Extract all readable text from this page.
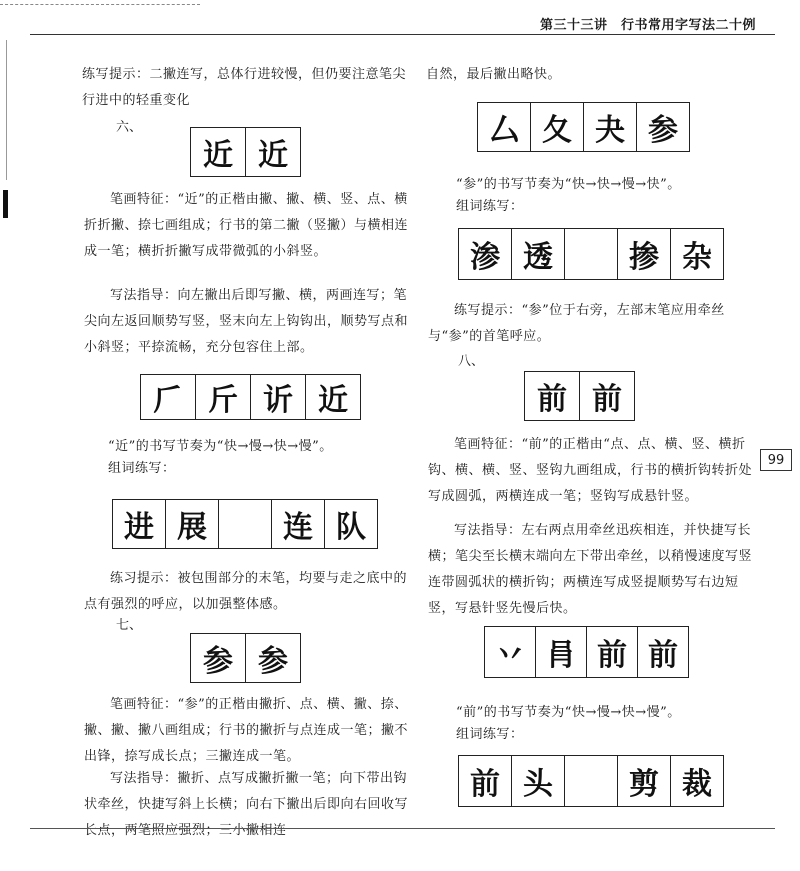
第三十三讲　行书常用字写法二十例

练写提示：二撇连写，总体行进较慢，但仍要注意笔尖行进中的轻重变化

六、
近 近

笔画特征：“近”的正楷由撇、撇、横、竖、点、横折折撇、捺七画组成；行书的第二撇（竖撇）与横相连成一笔；横折折撇写成带微弧的小斜竖。

写法指导：向左撇出后即写撇、横，两画连写；笔尖向左返回顺势写竖，竖末向左上钩钩出，顺势写点和小斜竖；平捺流畅，充分包容住上部。

𠂆 斤 䜣 近

“近”的书写节奏为“快→慢→快→慢”。

组词练写：

进 展	连 队

练习提示：被包围部分的末笔，均要与走之底中的点有强烈的呼应，以加强整体感。

七、
参 参

笔画特征：“参”的正楷由撇折、点、横、撇、捺、撇、撇、撇八画组成；行书的撇折与点连成一笔；撇不出锋，捺写成长点；三撇连成一笔。

写法指导：撇折、点写成撇折撇一笔；向下带出钩状牵丝，快捷写斜上长横；向右下撇出后即向右回收写长点，两笔照应强烈；三小撇相连

自然，最后撇出略快。

厶 夂 夬 参

“参”的书写节奏为“快→快→慢→快”。

组词练写：

渗 透	掺 杂

练写提示：“参”位于右旁，左部末笔应用牵丝与“参”的首笔呼应。

八、
前 前

笔画特征：“前”的正楷由“点、点、横、竖、横折钩、横、横、竖、竖钩九画组成，行书的横折钩转折处写成圆弧，两横连成一笔；竖钩写成悬针竖。

写法指导：左右两点用牵丝迅疾相连，并快捷写长横；笔尖至长横末端向左下带出牵丝，以稍慢速度写竖连带圆弧状的横折钩；两横连写成竖提顺势写右边短竖，写悬针竖先慢后快。

丷 肙 前 前

“前”的书写节奏为“快→慢→快→慢”。

组词练写：

前 头	剪 裁
99
